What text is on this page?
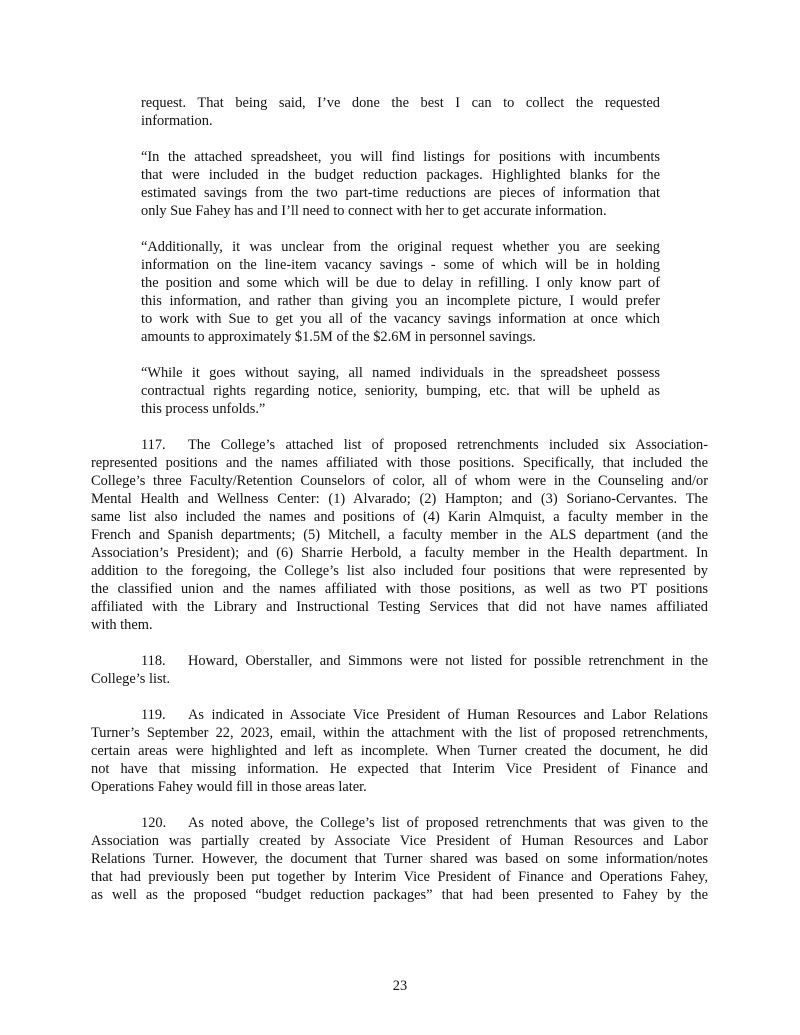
request. That being said, I’ve done the best I can to collect the requested
information.
“In the attached spreadsheet, you will find listings for positions with incumbents
that were included in the budget reduction packages. Highlighted blanks for the
estimated savings from the two part-time reductions are pieces of information that
only Sue Fahey has and I’ll need to connect with her to get accurate information.
“Additionally, it was unclear from the original request whether you are seeking
information on the line-item vacancy savings - some of which will be in holding
the position and some which will be due to delay in refilling. I only know part of
this information, and rather than giving you an incomplete picture, I would prefer
to work with Sue to get you all of the vacancy savings information at once which
amounts to approximately $1.5M of the $2.6M in personnel savings.
“While it goes without saying, all named individuals in the spreadsheet possess
contractual rights regarding notice, seniority, bumping, etc. that will be upheld as
this process unfolds.”
117.	The College’s attached list of proposed retrenchments included six Association-
represented positions and the names affiliated with those positions. Specifically, that included the
College’s three Faculty/Retention Counselors of color, all of whom were in the Counseling and/or
Mental Health and Wellness Center: (1) Alvarado; (2) Hampton; and (3) Soriano-Cervantes. The
same list also included the names and positions of (4) Karin Almquist, a faculty member in the
French and Spanish departments; (5) Mitchell, a faculty member in the ALS department (and the
Association’s President); and (6) Sharrie Herbold, a faculty member in the Health department. In
addition to the foregoing, the College’s list also included four positions that were represented by
the classified union and the names affiliated with those positions, as well as two PT positions
affiliated with the Library and Instructional Testing Services that did not have names affiliated
with them.
118.	Howard, Oberstaller, and Simmons were not listed for possible retrenchment in the
College’s list.
119.	As indicated in Associate Vice President of Human Resources and Labor Relations
Turner’s September 22, 2023, email, within the attachment with the list of proposed retrenchments,
certain areas were highlighted and left as incomplete. When Turner created the document, he did
not have that missing information. He expected that Interim Vice President of Finance and
Operations Fahey would fill in those areas later.
120.	As noted above, the College’s list of proposed retrenchments that was given to the
Association was partially created by Associate Vice President of Human Resources and Labor
Relations Turner. However, the document that Turner shared was based on some information/notes
that had previously been put together by Interim Vice President of Finance and Operations Fahey,
as well as the proposed “budget reduction packages” that had been presented to Fahey by the
23
